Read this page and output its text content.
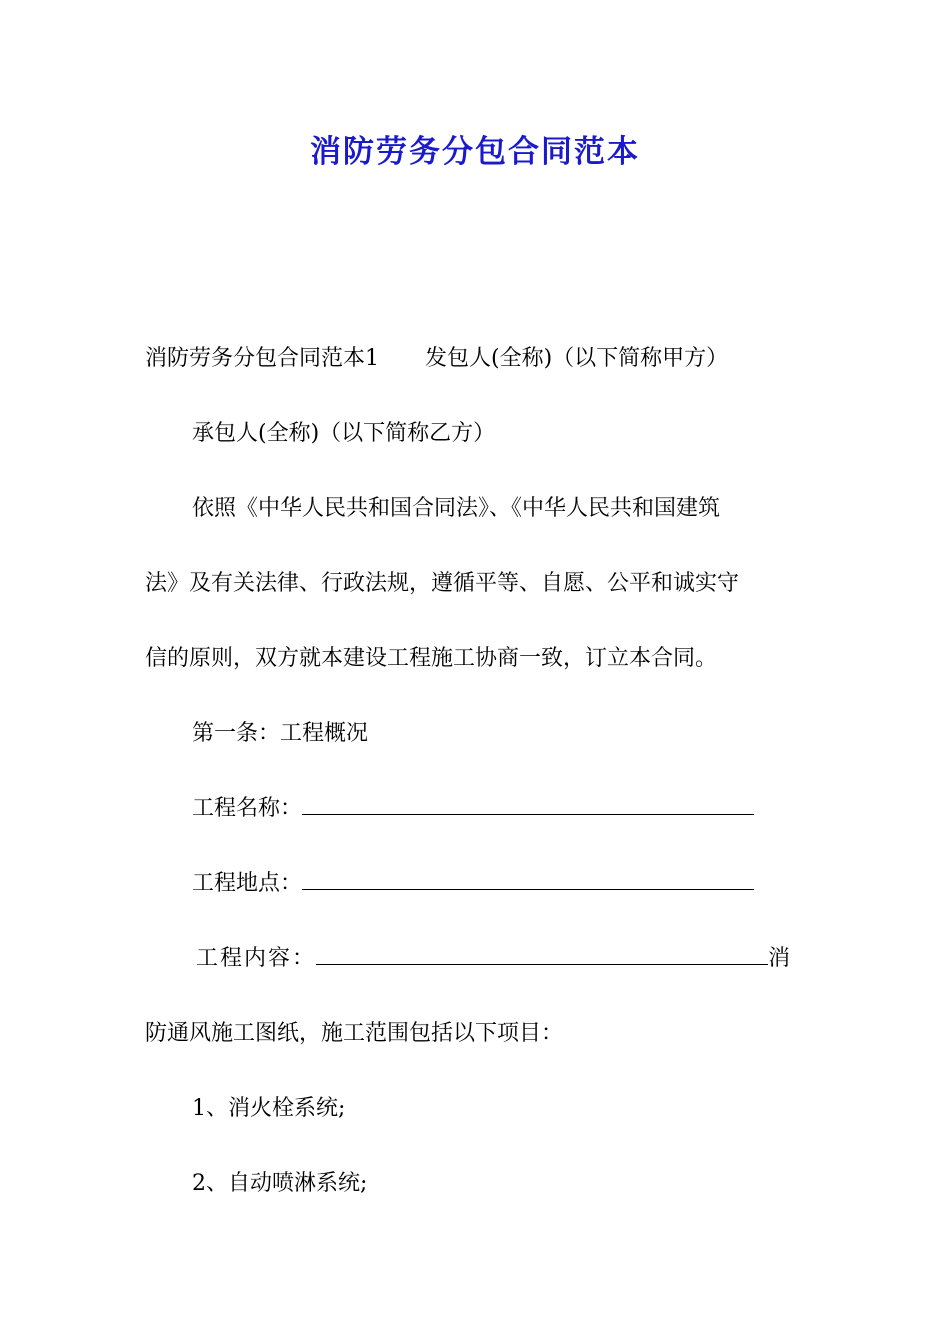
消防劳务分包合同范本
消防劳务分包合同范本1 发包人(全称)（以下简称甲方）
承包人(全称)（以下简称乙方）
依照《中华人民共和国合同法》、《中华人民共和国建筑
法》及有关法律、行政法规，遵循平等、自愿、公平和诚实守
信的原则，双方就本建设工程施工协商一致，订立本合同。
第一条：工程概况
工程名称：
工程地点：
工程内容：	消
防通风施工图纸，施工范围包括以下项目：
1、消火栓系统;
2、自动喷淋系统;
